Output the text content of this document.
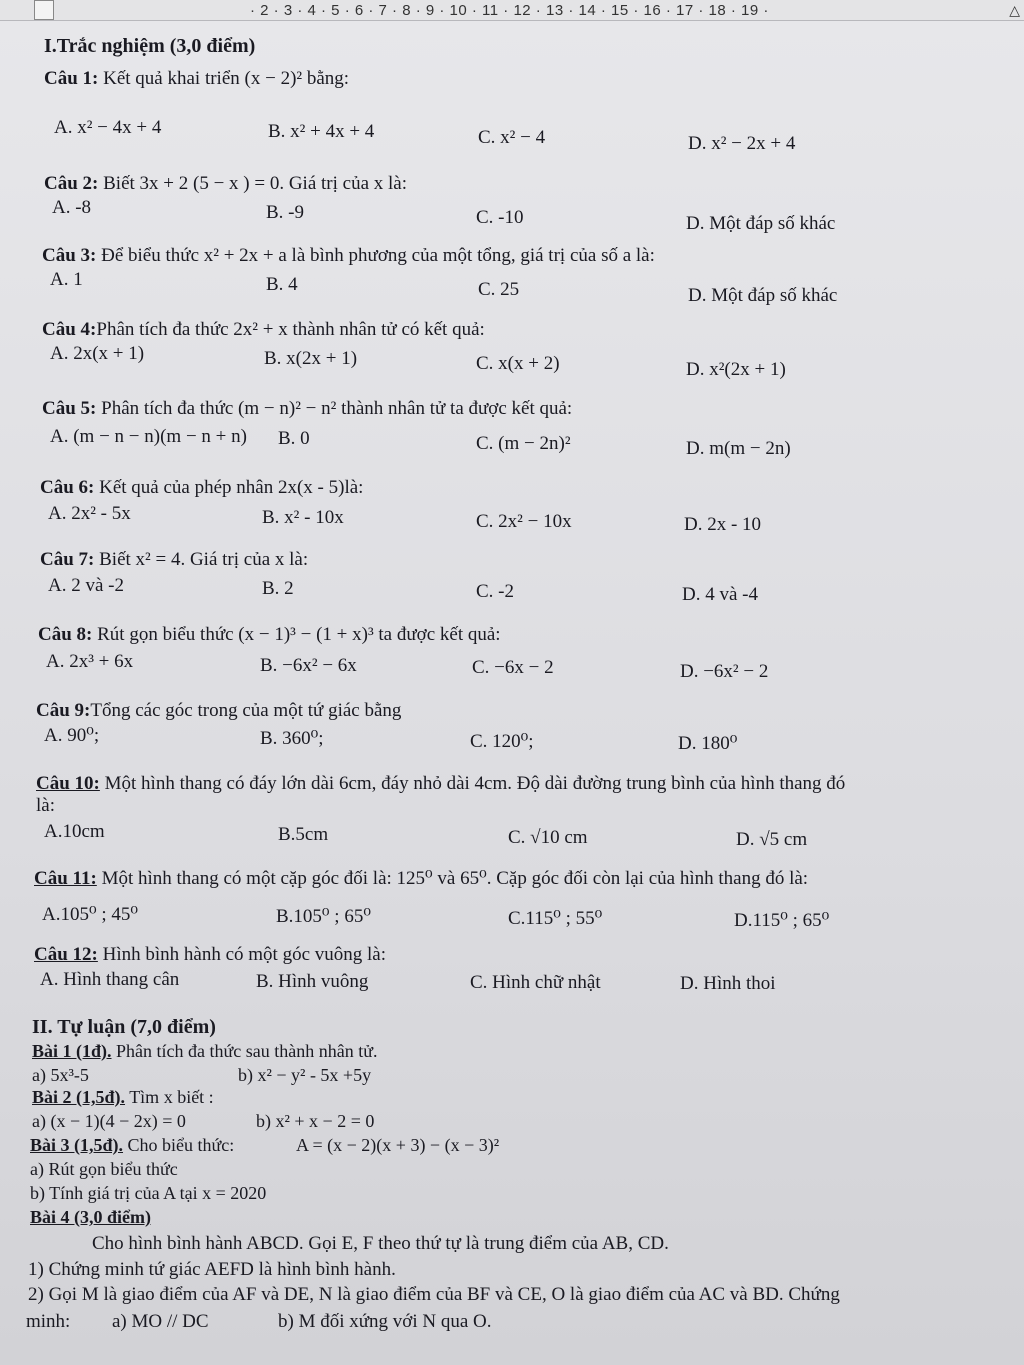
· 2 · 3 · 4 · 5 · 6 · 7 · 8 · 9 · 10 · 11 · 12 · 13 · 14 · 15 · 16 · 17 · 18 · 19 ·	△
I.Trắc nghiệm (3,0 điểm)
Câu 1: Kết quả khai triển (x − 2)² bằng:
A. x² − 4x + 4	B. x² + 4x + 4	C. x² − 4	D. x² − 2x + 4
Câu 2: Biết 3x + 2 (5 − x ) = 0. Giá trị của x là:
A. -8	B. -9	C. -10	D. Một đáp số khác
Câu 3: Để biểu thức x² + 2x + a là bình phương của một tổng, giá trị của số a là:
A. 1	B. 4	C. 25	D. Một đáp số khác
Câu 4:Phân tích đa thức 2x² + x thành nhân tử có kết quả:
A. 2x(x + 1)	B. x(2x + 1)	C. x(x + 2)	D. x²(2x + 1)
Câu 5: Phân tích đa thức (m − n)² − n² thành nhân tử ta được kết quả:
A. (m − n − n)(m − n + n) B. 0	C. (m − 2n)²	D. m(m − 2n)
Câu 6: Kết quả của phép nhân 2x(x - 5)là:
A. 2x² - 5x	B. x² - 10x	C. 2x² − 10x	D. 2x - 10
Câu 7: Biết x² = 4. Giá trị của x là:
A. 2 và -2	B. 2	C. -2	D. 4 và -4
Câu 8: Rút gọn biểu thức (x − 1)³ − (1 + x)³ ta được kết quả:
A. 2x³ + 6x	B. −6x² − 6x	C. −6x − 2	D. −6x² − 2
Câu 9:Tổng các góc trong của một tứ giác bằng
A. 90⁰;	B. 360⁰;	C. 120⁰;	D. 180⁰
Câu 10: Một hình thang có đáy lớn dài 6cm, đáy nhỏ dài 4cm. Độ dài đường trung bình của hình thang đó
là:
A.10cm	B.5cm	C. √10 cm	D. √5 cm
Câu 11: Một hình thang có một cặp góc đối là: 125⁰ và 65⁰. Cặp góc đối còn lại của hình thang đó là:
A.105⁰ ; 45⁰	B.105⁰ ; 65⁰	C.115⁰ ; 55⁰	D.115⁰ ; 65⁰
Câu 12: Hình bình hành có một góc vuông là:
A. Hình thang cân	B. Hình vuông	C. Hình chữ nhật	D. Hình thoi
II. Tự luận (7,0 điểm)
Bài 1 (1đ). Phân tích đa thức sau thành nhân tử.
a) 5x³-5	b) x² − y² - 5x +5y
Bài 2 (1,5đ). Tìm x biết :
a) (x − 1)(4 − 2x) = 0	b) x² + x − 2 = 0
Bài 3 (1,5đ). Cho biểu thức:	A = (x − 2)(x + 3) − (x − 3)²
a) Rút gọn biểu thức
b) Tính giá trị của A tại x = 2020
Bài 4 (3,0 điểm)
Cho hình bình hành ABCD. Gọi E, F theo thứ tự là trung điểm của AB, CD.
1) Chứng minh tứ giác AEFD là hình bình hành.
2) Gọi M là giao điểm của AF và DE, N là giao điểm của BF và CE, O là giao điểm của AC và BD. Chứng
minh: a) MO // DC	b) M đối xứng với N qua O.
